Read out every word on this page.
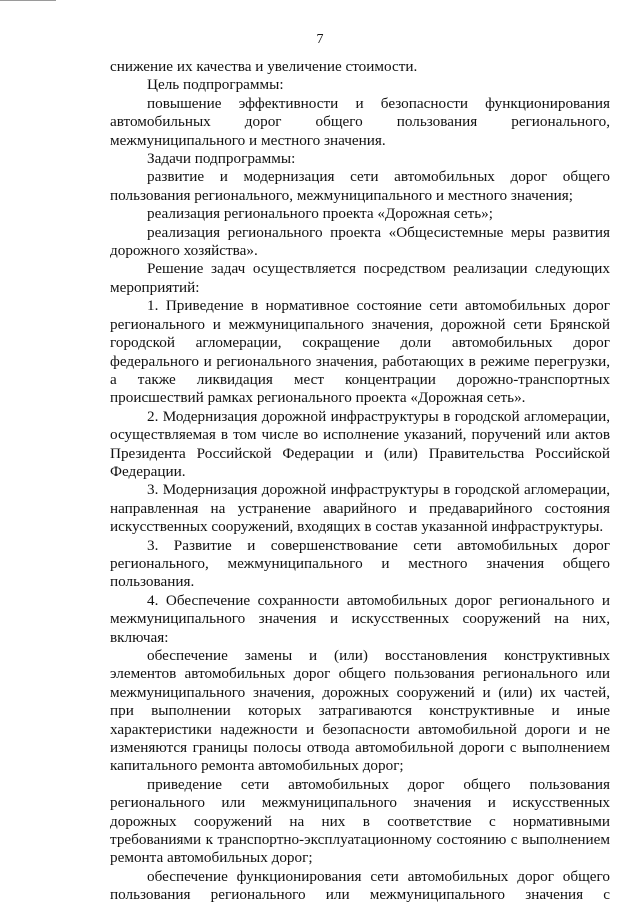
7

снижение их качества и увеличение стоимости.

Цель подпрограммы:

повышение эффективности и безопасности функционирования автомобильных дорог общего пользования регионального, межмуниципального и местного значения.

Задачи подпрограммы:

развитие и модернизация сети автомобильных дорог общего пользования регионального, межмуниципального и местного значения;

реализация регионального проекта «Дорожная сеть»;

реализация регионального проекта «Общесистемные меры развития дорожного хозяйства».

Решение задач осуществляется посредством реализации следующих мероприятий:

1. Приведение в нормативное состояние сети автомобильных дорог регионального и межмуниципального значения, дорожной сети Брянской городской агломерации, сокращение доли автомобильных дорог федерального и регионального значения, работающих в режиме перегрузки, а также ликвидация мест концентрации дорожно-транспортных происшествий рамках регионального проекта «Дорожная сеть».

2. Модернизация дорожной инфраструктуры в городской агломерации, осуществляемая в том числе во исполнение указаний, поручений или актов Президента Российской Федерации и (или) Правительства Российской Федерации.

3. Модернизация дорожной инфраструктуры в городской агломерации, направленная на устранение аварийного и предаварийного состояния искусственных сооружений, входящих в состав указанной инфраструктуры.

3. Развитие и совершенствование сети автомобильных дорог регионального, межмуниципального и местного значения общего пользования.

4. Обеспечение сохранности автомобильных дорог регионального и межмуниципального значения и искусственных сооружений на них, включая:

обеспечение замены и (или) восстановления конструктивных элементов автомобильных дорог общего пользования регионального или межмуниципального значения, дорожных сооружений и (или) их частей, при выполнении которых затрагиваются конструктивные и иные характеристики надежности и безопасности автомобильной дороги и не изменяются границы полосы отвода автомобильной дороги с выполнением капитального ремонта автомобильных дорог;

приведение сети автомобильных дорог общего пользования регионального или межмуниципального значения и искусственных дорожных сооружений на них в соответствие с нормативными требованиями к транспортно-эксплуатационному состоянию с выполнением ремонта автомобильных дорог;

обеспечение функционирования сети автомобильных дорог общего пользования регионального или межмуниципального значения с
